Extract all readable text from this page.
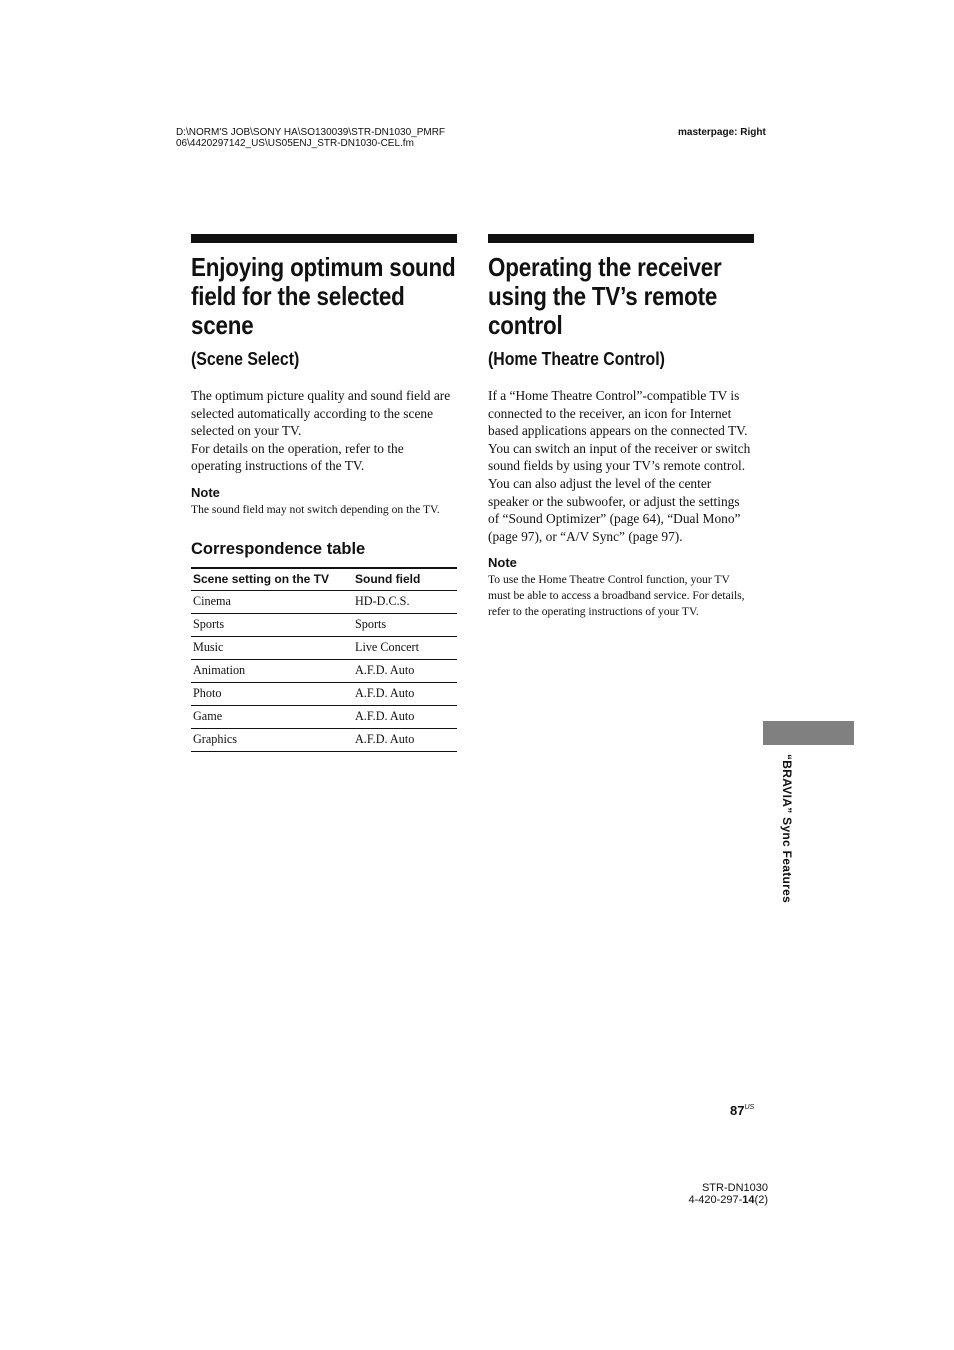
D:\NORM'S JOB\SONY HA\SO130039\STR-DN1030_PMRF
06\4420297142_US\US05ENJ_STR-DN1030-CEL.fm
masterpage: Right
Enjoying optimum sound field for the selected scene
(Scene Select)

The optimum picture quality and sound field are selected automatically according to the scene selected on your TV.

For details on the operation, refer to the operating instructions of the TV.

Note

The sound field may not switch depending on the TV.

Correspondence table
Scene setting on the TV	Sound field
Cinema	HD-D.C.S.
Sports	Sports
Music	Live Concert
Animation	A.F.D. Auto
Photo	A.F.D. Auto
Game	A.F.D. Auto
Graphics	A.F.D. Auto
Operating the receiver using the TV’s remote control
(Home Theatre Control)

If a “Home Theatre Control”-compatible TV is connected to the receiver, an icon for Internet based applications appears on the connected TV.

You can switch an input of the receiver or switch sound fields by using your TV’s remote control. You can also adjust the level of the center speaker or the subwoofer, or adjust the settings of “Sound Optimizer” (page 64), “Dual Mono” (page 97), or “A/V Sync” (page 97).

Note

To use the Home Theatre Control function, your TV must be able to access a broadband service. For details, refer to the operating instructions of your TV.

“BRAVIA” Sync Features
$87^{US}$
STR-DN1030
4-420-297-14(2)
